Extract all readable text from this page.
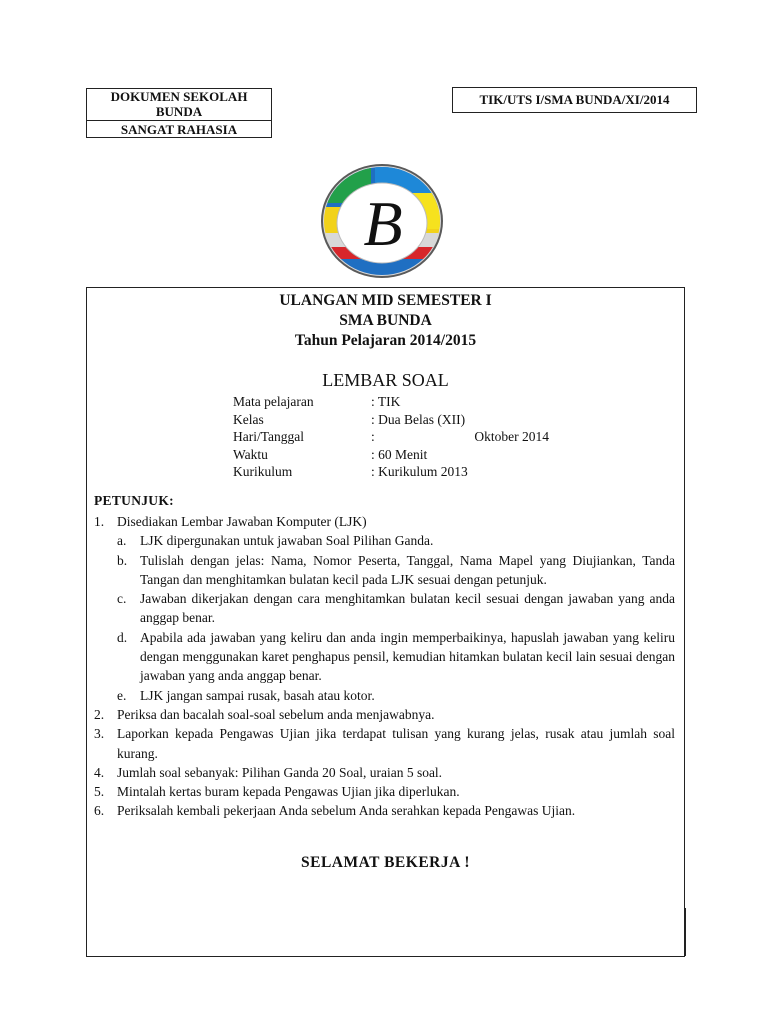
DOKUMEN SEKOLAH
BUNDA
SANGAT RAHASIA
TIK/UTS I/SMA BUNDA/XI/2014
B
ULANGAN MID SEMESTER I
SMA BUNDA
Tahun Pelajaran 2014/2015
LEMBAR SOAL
Mata pelajaran	: TIK
Kelas	: Dua Belas (XII)
Hari/Tanggal	:	Oktober 2014
Waktu	: 60 Menit
Kurikulum	: Kurikulum 2013
PETUNJUK:
1. Disediakan Lembar Jawaban Komputer (LJK)
a.	LJK dipergunakan untuk jawaban Soal Pilihan Ganda.
b. Tulislah dengan jelas: Nama, Nomor Peserta, Tanggal, Nama Mapel yang Diujiankan, Tanda Tangan dan menghitamkan bulatan kecil pada LJK sesuai dengan petunjuk.
c.	Jawaban dikerjakan dengan cara menghitamkan bulatan kecil sesuai dengan jawaban yang anda anggap benar.
d. Apabila ada jawaban yang keliru dan anda ingin memperbaikinya, hapuslah jawaban yang keliru dengan menggunakan karet penghapus pensil, kemudian hitamkan bulatan kecil lain sesuai dengan jawaban yang anda anggap benar.
e.	LJK jangan sampai rusak, basah atau kotor.
2. Periksa dan bacalah soal-soal sebelum anda menjawabnya.
3. Laporkan kepada Pengawas Ujian jika terdapat tulisan yang kurang jelas, rusak atau jumlah soal kurang.
4. Jumlah soal sebanyak: Pilihan Ganda 20 Soal, uraian 5 soal.
5. Mintalah kertas buram kepada Pengawas Ujian jika diperlukan.
6. Periksalah kembali pekerjaan Anda sebelum Anda serahkan kepada Pengawas Ujian.
SELAMAT BEKERJA !
